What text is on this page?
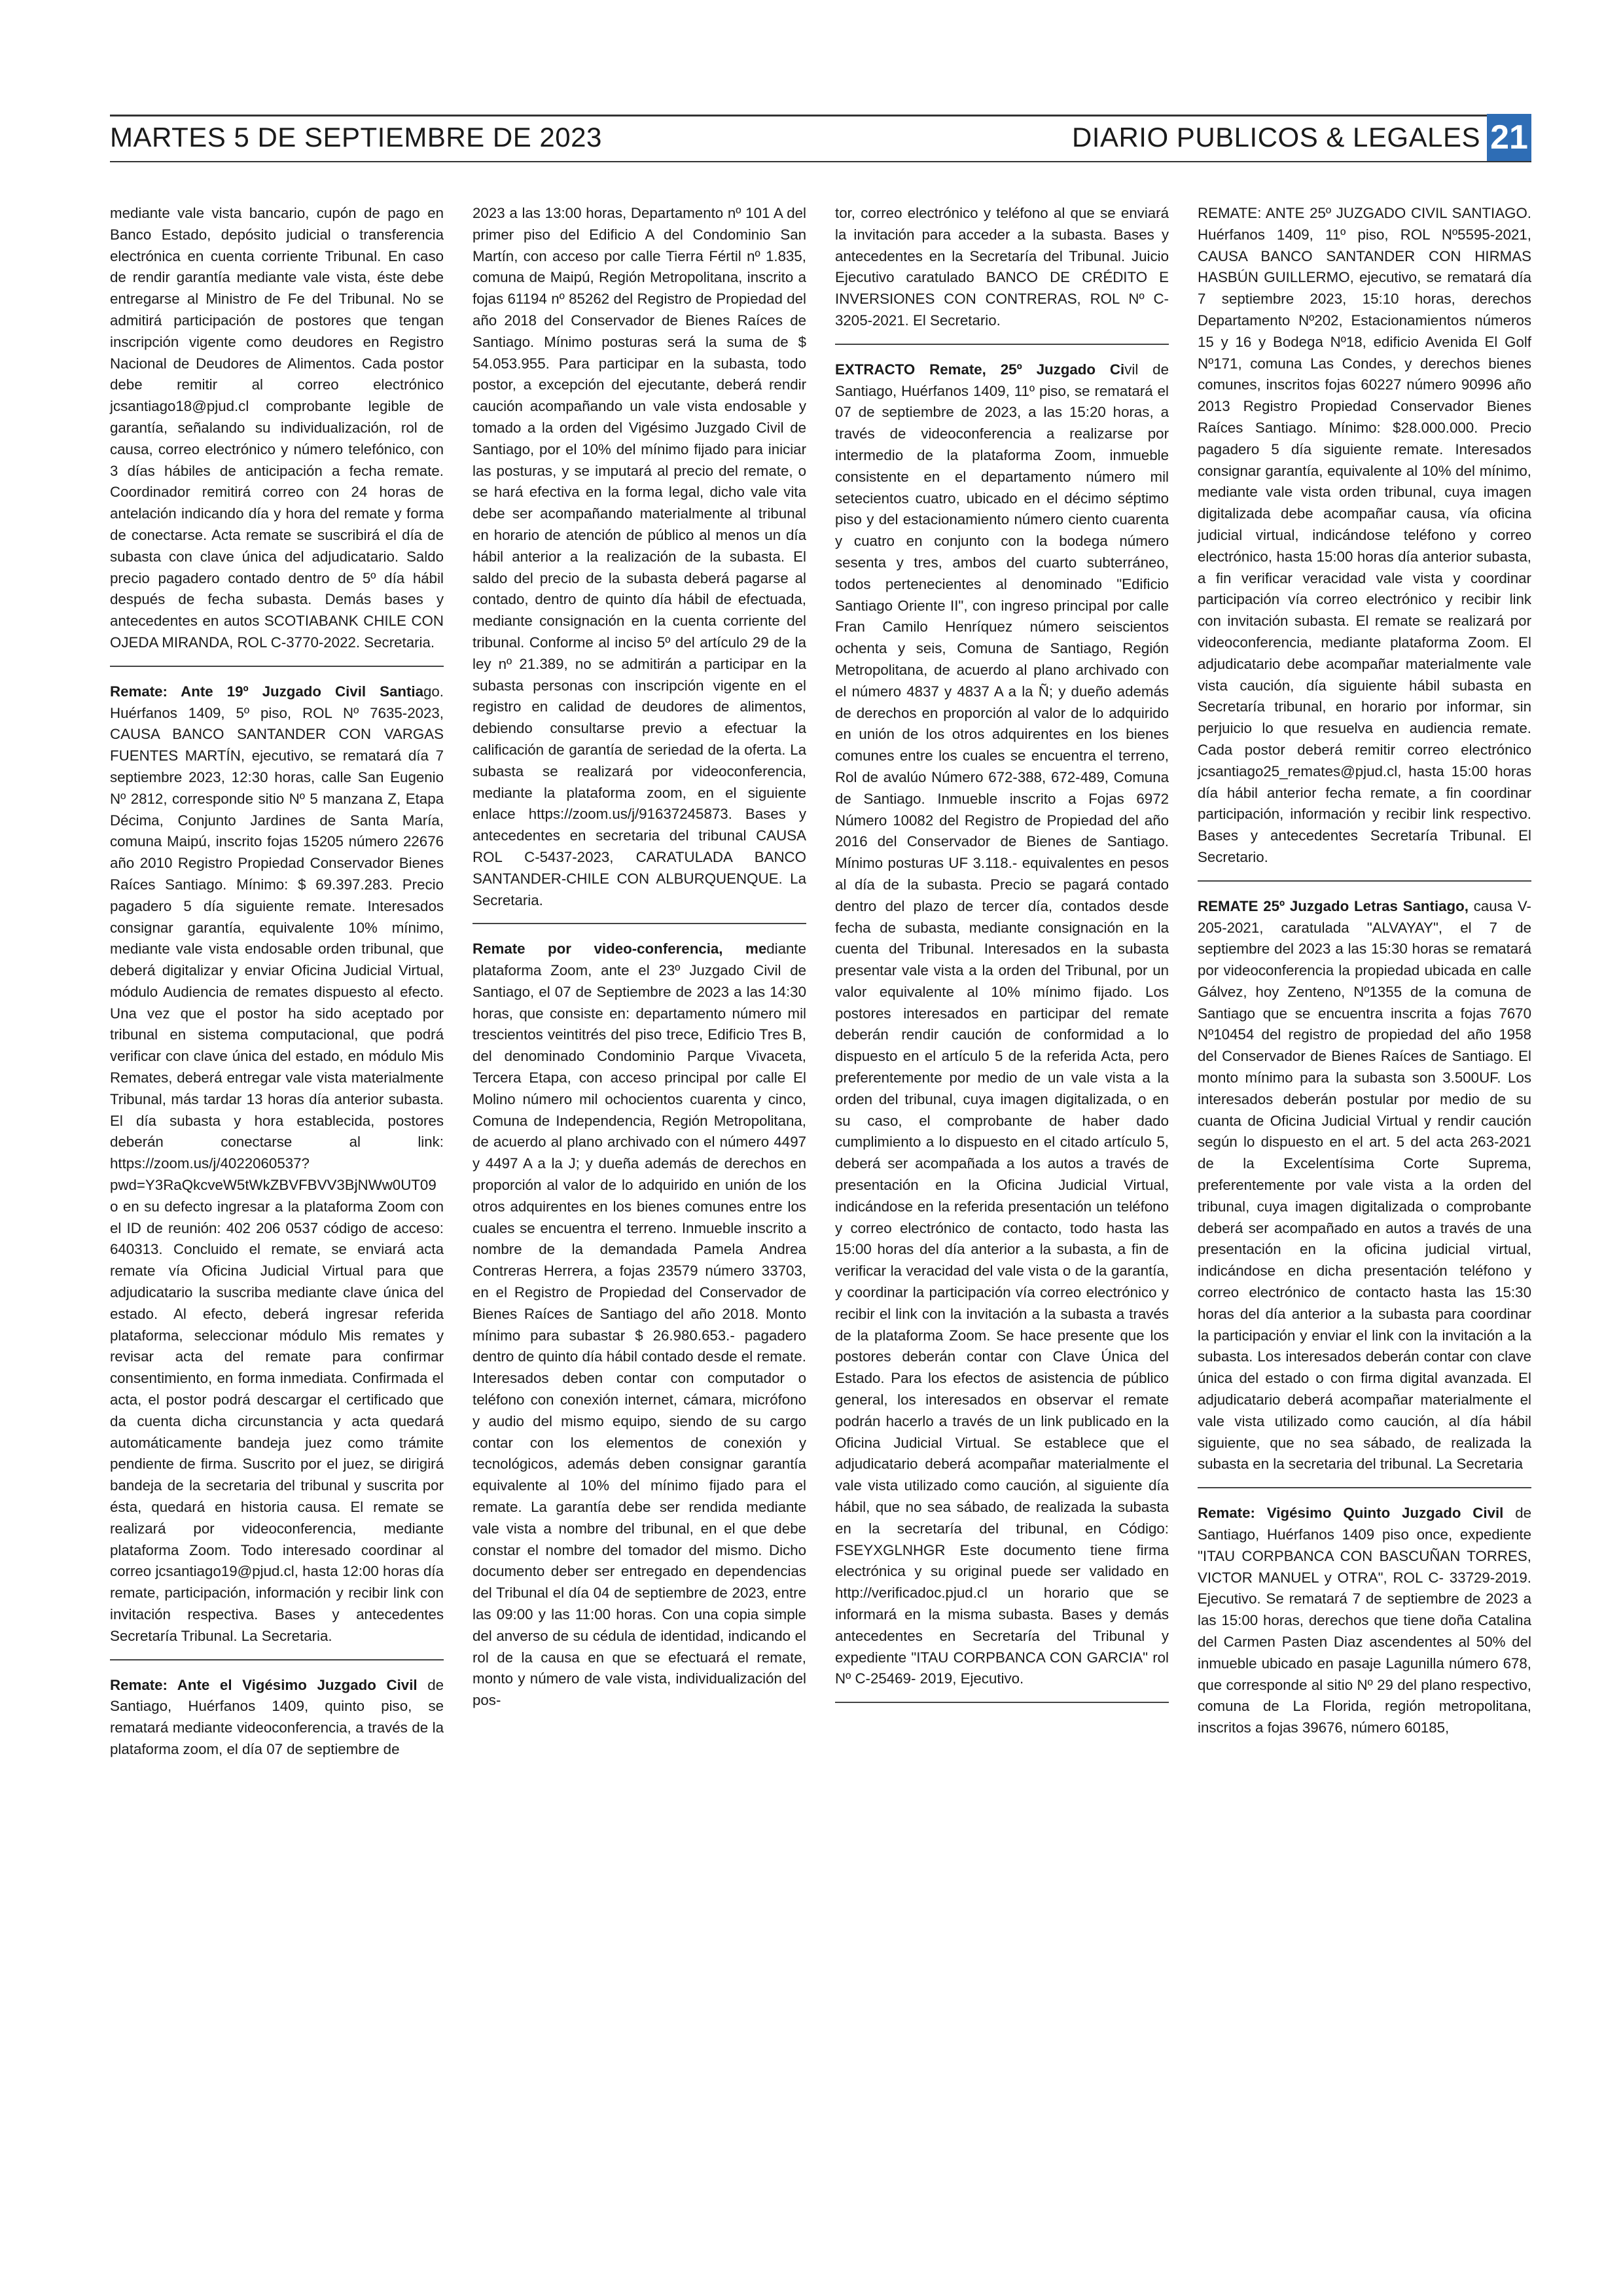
MARTES 5 DE SEPTIEMBRE DE 2023	DIARIO PUBLICOS & LEGALES 21

mediante vale vista bancario, cupón de pago en Banco Estado, depósito judicial o transferencia electrónica en cuenta corriente Tribunal. En caso de rendir garantía mediante vale vista, éste debe entregarse al Ministro de Fe del Tribunal. No se admitirá participación de postores que tengan inscripción vigente como deudores en Registro Nacional de Deudores de Alimentos. Cada postor debe remitir al correo electrónico jcsantiago18@pjud.cl comprobante legible de garantía, señalando su individualización, rol de causa, correo electrónico y número telefónico, con 3 días hábiles de anticipación a fecha remate. Coordinador remitirá correo con 24 horas de antelación indicando día y hora del remate y forma de conectarse. Acta remate se suscribirá el día de subasta con clave única del adjudicatario. Saldo precio pagadero contado dentro de 5º día hábil después de fecha subasta. Demás bases y antecedentes en autos SCOTIABANK CHILE CON OJEDA MIRANDA, ROL C-3770-2022. Secretaria.

Remate: Ante 19º Juzgado Civil Santiago. Huérfanos 1409, 5º piso, ROL Nº 7635-2023, CAUSA BANCO SANTANDER CON VARGAS FUENTES MARTÍN, ejecutivo, se rematará día 7 septiembre 2023, 12:30 horas, calle San Eugenio Nº 2812, corresponde sitio Nº 5 manzana Z, Etapa Décima, Conjunto Jardines de Santa María, comuna Maipú, inscrito fojas 15205 número 22676 año 2010 Registro Propiedad Conservador Bienes Raíces Santiago. Mínimo: $ 69.397.283. Precio pagadero 5 día siguiente remate. Interesados consignar garantía, equivalente 10% mínimo, mediante vale vista endosable orden tribunal, que deberá digitalizar y enviar Oficina Judicial Virtual, módulo Audiencia de remates dispuesto al efecto. Una vez que el postor ha sido aceptado por tribunal en sistema computacional, que podrá verificar con clave única del estado, en módulo Mis Remates, deberá entregar vale vista materialmente Tribunal, más tardar 13 horas día anterior subasta. El día subasta y hora establecida, postores deberán conectarse al link: https://zoom.us/j/4022060537?pwd=Y3RaQkcveW5tWkZBVFBVV3BjNWw0UT09 o en su defecto ingresar a la plataforma Zoom con el ID de reunión: 402 206 0537 código de acceso: 640313. Concluido el remate, se enviará acta remate vía Oficina Judicial Virtual para que adjudicatario la suscriba mediante clave única del estado. Al efecto, deberá ingresar referida plataforma, seleccionar módulo Mis remates y revisar acta del remate para confirmar consentimiento, en forma inmediata. Confirmada el acta, el postor podrá descargar el certificado que da cuenta dicha circunstancia y acta quedará automáticamente bandeja juez como trámite pendiente de firma. Suscrito por el juez, se dirigirá bandeja de la secretaria del tribunal y suscrita por ésta, quedará en historia causa. El remate se realizará por videoconferencia, mediante plataforma Zoom. Todo interesado coordinar al correo jcsantiago19@pjud.cl, hasta 12:00 horas día remate, participación, información y recibir link con invitación respectiva. Bases y antecedentes Secretaría Tribunal. La Secretaria.

Remate: Ante el Vigésimo Juzgado Civil de Santiago, Huérfanos 1409, quinto piso, se rematará mediante videoconferencia, a través de la plataforma zoom, el día 07 de septiembre de

2023 a las 13:00 horas, Departamento nº 101 A del primer piso del Edificio A del Condominio San Martín, con acceso por calle Tierra Fértil nº 1.835, comuna de Maipú, Región Metropolitana, inscrito a fojas 61194 nº 85262 del Registro de Propiedad del año 2018 del Conservador de Bienes Raíces de Santiago. Mínimo posturas será la suma de $ 54.053.955. Para participar en la subasta, todo postor, a excepción del ejecutante, deberá rendir caución acompañando un vale vista endosable y tomado a la orden del Vigésimo Juzgado Civil de Santiago, por el 10% del mínimo fijado para iniciar las posturas, y se imputará al precio del remate, o se hará efectiva en la forma legal, dicho vale vita debe ser acompañando materialmente al tribunal en horario de atención de público al menos un día hábil anterior a la realización de la subasta. El saldo del precio de la subasta deberá pagarse al contado, dentro de quinto día hábil de efectuada, mediante consignación en la cuenta corriente del tribunal. Conforme al inciso 5º del artículo 29 de la ley nº 21.389, no se admitirán a participar en la subasta personas con inscripción vigente en el registro en calidad de deudores de alimentos, debiendo consultarse previo a efectuar la calificación de garantía de seriedad de la oferta. La subasta se realizará por videoconferencia, mediante la plataforma zoom, en el siguiente enlace https://zoom.us/j/91637245873. Bases y antecedentes en secretaria del tribunal CAUSA ROL C-5437-2023, CARATULADA BANCO SANTANDER-CHILE CON ALBURQUENQUE. La Secretaria.

Remate por video-conferencia, mediante plataforma Zoom, ante el 23º Juzgado Civil de Santiago, el 07 de Septiembre de 2023 a las 14:30 horas, que consiste en: departamento número mil trescientos veintitrés del piso trece, Edificio Tres B, del denominado Condominio Parque Vivaceta, Tercera Etapa, con acceso principal por calle El Molino número mil ochocientos cuarenta y cinco, Comuna de Independencia, Región Metropolitana, de acuerdo al plano archivado con el número 4497 y 4497 A a la J; y dueña además de derechos en proporción al valor de lo adquirido en unión de los otros adquirentes en los bienes comunes entre los cuales se encuentra el terreno. Inmueble inscrito a nombre de la demandada Pamela Andrea Contreras Herrera, a fojas 23579 número 33703, en el Registro de Propiedad del Conservador de Bienes Raíces de Santiago del año 2018. Monto mínimo para subastar $ 26.980.653.- pagadero dentro de quinto día hábil contado desde el remate. Interesados deben contar con computador o teléfono con conexión internet, cámara, micrófono y audio del mismo equipo, siendo de su cargo contar con los elementos de conexión y tecnológicos, además deben consignar garantía equivalente al 10% del mínimo fijado para el remate. La garantía debe ser rendida mediante vale vista a nombre del tribunal, en el que debe constar el nombre del tomador del mismo. Dicho documento deber ser entregado en dependencias del Tribunal el día 04 de septiembre de 2023, entre las 09:00 y las 11:00 horas. Con una copia simple del anverso de su cédula de identidad, indicando el rol de la causa en que se efectuará el remate, monto y número de vale vista, individualización del pos-

tor, correo electrónico y teléfono al que se enviará la invitación para acceder a la subasta. Bases y antecedentes en la Secretaría del Tribunal. Juicio Ejecutivo caratulado BANCO DE CRÉDITO E INVERSIONES CON CONTRERAS, ROL Nº C-3205-2021. El Secretario.

EXTRACTO Remate, 25º Juzgado Civil de Santiago, Huérfanos 1409, 11º piso, se rematará el 07 de septiembre de 2023, a las 15:20 horas, a través de videoconferencia a realizarse por intermedio de la plataforma Zoom, inmueble consistente en el departamento número mil setecientos cuatro, ubicado en el décimo séptimo piso y del estacionamiento número ciento cuarenta y cuatro en conjunto con la bodega número sesenta y tres, ambos del cuarto subterráneo, todos pertenecientes al denominado "Edificio Santiago Oriente II", con ingreso principal por calle Fran Camilo Henríquez número seiscientos ochenta y seis, Comuna de Santiago, Región Metropolitana, de acuerdo al plano archivado con el número 4837 y 4837 A a la Ñ; y dueño además de derechos en proporción al valor de lo adquirido en unión de los otros adquirentes en los bienes comunes entre los cuales se encuentra el terreno, Rol de avalúo Número 672-388, 672-489, Comuna de Santiago. Inmueble inscrito a Fojas 6972 Número 10082 del Registro de Propiedad del año 2016 del Conservador de Bienes de Santiago. Mínimo posturas UF 3.118.- equivalentes en pesos al día de la subasta. Precio se pagará contado dentro del plazo de tercer día, contados desde fecha de subasta, mediante consignación en la cuenta del Tribunal. Interesados en la subasta presentar vale vista a la orden del Tribunal, por un valor equivalente al 10% mínimo fijado. Los postores interesados en participar del remate deberán rendir caución de conformidad a lo dispuesto en el artículo 5 de la referida Acta, pero preferentemente por medio de un vale vista a la orden del tribunal, cuya imagen digitalizada, o en su caso, el comprobante de haber dado cumplimiento a lo dispuesto en el citado artículo 5, deberá ser acompañada a los autos a través de presentación en la Oficina Judicial Virtual, indicándose en la referida presentación un teléfono y correo electrónico de contacto, todo hasta las 15:00 horas del día anterior a la subasta, a fin de verificar la veracidad del vale vista o de la garantía, y coordinar la participación vía correo electrónico y recibir el link con la invitación a la subasta a través de la plataforma Zoom. Se hace presente que los postores deberán contar con Clave Única del Estado. Para los efectos de asistencia de público general, los interesados en observar el remate podrán hacerlo a través de un link publicado en la Oficina Judicial Virtual. Se establece que el adjudicatario deberá acompañar materialmente el vale vista utilizado como caución, al siguiente día hábil, que no sea sábado, de realizada la subasta en la secretaría del tribunal, en Código: FSEYXGLNHGR Este documento tiene firma electrónica y su original puede ser validado en http://verificadoc.pjud.cl un horario que se informará en la misma subasta. Bases y demás antecedentes en Secretaría del Tribunal y expediente "ITAU CORPBANCA CON GARCIA" rol Nº C-25469- 2019, Ejecutivo.

REMATE: ANTE 25º JUZGADO CIVIL SANTIAGO. Huérfanos 1409, 11º piso, ROL Nº5595-2021, CAUSA BANCO SANTANDER CON HIRMAS HASBÚN GUILLERMO, ejecutivo, se rematará día 7 septiembre 2023, 15:10 horas, derechos Departamento Nº202, Estacionamientos números 15 y 16 y Bodega Nº18, edificio Avenida El Golf Nº171, comuna Las Condes, y derechos bienes comunes, inscritos fojas 60227 número 90996 año 2013 Registro Propiedad Conservador Bienes Raíces Santiago. Mínimo: $28.000.000. Precio pagadero 5 día siguiente remate. Interesados consignar garantía, equivalente al 10% del mínimo, mediante vale vista orden tribunal, cuya imagen digitalizada debe acompañar causa, vía oficina judicial virtual, indicándose teléfono y correo electrónico, hasta 15:00 horas día anterior subasta, a fin verificar veracidad vale vista y coordinar participación vía correo electrónico y recibir link con invitación subasta. El remate se realizará por videoconferencia, mediante plataforma Zoom. El adjudicatario debe acompañar materialmente vale vista caución, día siguiente hábil subasta en Secretaría tribunal, en horario por informar, sin perjuicio lo que resuelva en audiencia remate. Cada postor deberá remitir correo electrónico jcsantiago25_remates@pjud.cl, hasta 15:00 horas día hábil anterior fecha remate, a fin coordinar participación, información y recibir link respectivo. Bases y antecedentes Secretaría Tribunal. El Secretario.

REMATE 25º Juzgado Letras Santiago, causa V-205-2021, caratulada "ALVAYAY", el 7 de septiembre del 2023 a las 15:30 horas se rematará por videoconferencia la propiedad ubicada en calle Gálvez, hoy Zenteno, Nº1355 de la comuna de Santiago que se encuentra inscrita a fojas 7670 Nº10454 del registro de propiedad del año 1958 del Conservador de Bienes Raíces de Santiago. El monto mínimo para la subasta son 3.500UF. Los interesados deberán postular por medio de su cuanta de Oficina Judicial Virtual y rendir caución según lo dispuesto en el art. 5 del acta 263-2021 de la Excelentísima Corte Suprema, preferentemente por vale vista a la orden del tribunal, cuya imagen digitalizada o comprobante deberá ser acompañado en autos a través de una presentación en la oficina judicial virtual, indicándose en dicha presentación teléfono y correo electrónico de contacto hasta las 15:30 horas del día anterior a la subasta para coordinar la participación y enviar el link con la invitación a la subasta. Los interesados deberán contar con clave única del estado o con firma digital avanzada. El adjudicatario deberá acompañar materialmente el vale vista utilizado como caución, al día hábil siguiente, que no sea sábado, de realizada la subasta en la secretaria del tribunal. La Secretaria

Remate: Vigésimo Quinto Juzgado Civil de Santiago, Huérfanos 1409 piso once, expediente "ITAU CORPBANCA CON BASCUÑAN TORRES, VICTOR MANUEL y OTRA", ROL C- 33729-2019. Ejecutivo. Se rematará 7 de septiembre de 2023 a las 15:00 horas, derechos que tiene doña Catalina del Carmen Pasten Diaz ascendentes al 50% del inmueble ubicado en pasaje Lagunilla número 678, que corresponde al sitio Nº 29 del plano respectivo, comuna de La Florida, región metropolitana, inscritos a fojas 39676, número 60185,
